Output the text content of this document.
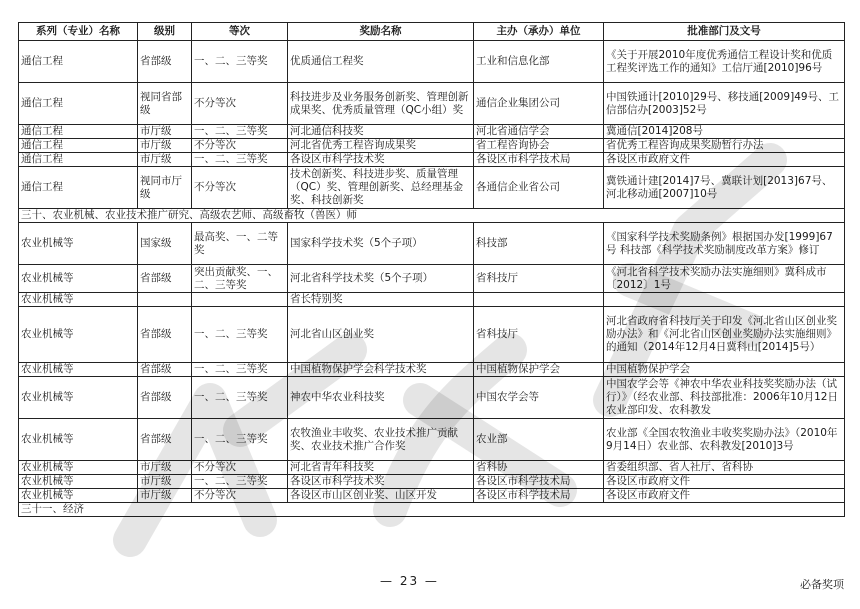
系列（专业）名称	级别	等次	奖励名称	主办（承办）单位	批准部门及文号
通信工程	省部级	一、二、三等奖	优质通信工程奖	工业和信息化部	《关于开展2010年度优秀通信工程设计奖和优质工程奖评选工作的通知》工信厅通[2010]96号
通信工程	视同省部级	不分等次	科技进步及业务服务创新奖、管理创新成果奖、优秀质量管理（QC小组）奖	通信企业集团公司	中国铁通计[2010]29号、移技通[2009]49号、工信部信办[2003]52号
通信工程	市厅级	一、二、三等奖	河北通信科技奖	河北省通信学会	冀通信[2014]208号
通信工程	市厅级	不分等次	河北省优秀工程咨询成果奖	省工程咨询协会	省优秀工程咨询成果奖励暂行办法
通信工程	市厅级	一、二、三等奖	各设区市科学技术奖	各设区市科学技术局	各设区市政府文件
通信工程	视同市厅级	不分等次	技术创新奖、科技进步奖、质量管理（QC）奖、管理创新奖、总经理基金奖、科技创新奖	各通信企业省公司	冀铁通计建[2014]7号、冀联计划[2013]67号、河北移动通[2007]10号
三十、农业机械、农业技术推广研究、高级农艺师、高级畜牧（兽医）师					
农业机械等	国家级	最高奖、一、二等奖	国家科学技术奖（5个子项）	科技部	《国家科学技术奖励条例》根据国办发[1999]67号 科技部《科学技术奖励制度改革方案》修订
农业机械等	省部级	突出贡献奖、一、二、三等奖	河北省科学技术奖（5个子项）	省科技厅	《河北省科学技术奖励办法实施细则》冀科成市〔2012〕1号
农业机械等			省长特别奖		
农业机械等	省部级	一、二、三等奖	河北省山区创业奖	省科技厅	河北省政府省科技厅关于印发《河北省山区创业奖励办法》和《河北省山区创业奖励办法实施细则》的通知（2014年12月4日冀科山[2014]5号）
农业机械等	省部级	一、二、三等奖	中国植物保护学会科学技术奖	中国植物保护学会	中国植物保护学会
农业机械等	省部级	一、二、三等奖	神农中华农业科技奖	中国农学会等	中国农学会等《神农中华农业科技奖奖励办法（试行）》（经农业部、科技部批准：2006年10月12日农业部印发、农科教发
农业机械等	省部级	一、二、三等奖	农牧渔业丰收奖、农业技术推广贡献奖、农业技术推广合作奖	农业部	农业部《全国农牧渔业丰收奖奖励办法》（2010年9月14日）农业部、农科教发[2010]3号
农业机械等	市厅级	不分等次	河北省青年科技奖	省科协	省委组织部、省人社厅、省科协
农业机械等	市厅级	一、二、三等奖	各设区市科学技术奖	各设区市科学技术局	各设区市政府文件
农业机械等	市厅级	不分等次	各设区市山区创业奖、山区开发	各设区市科学技术局	各设区市政府文件
三十一、经济					
— 23 —	必备奖项
